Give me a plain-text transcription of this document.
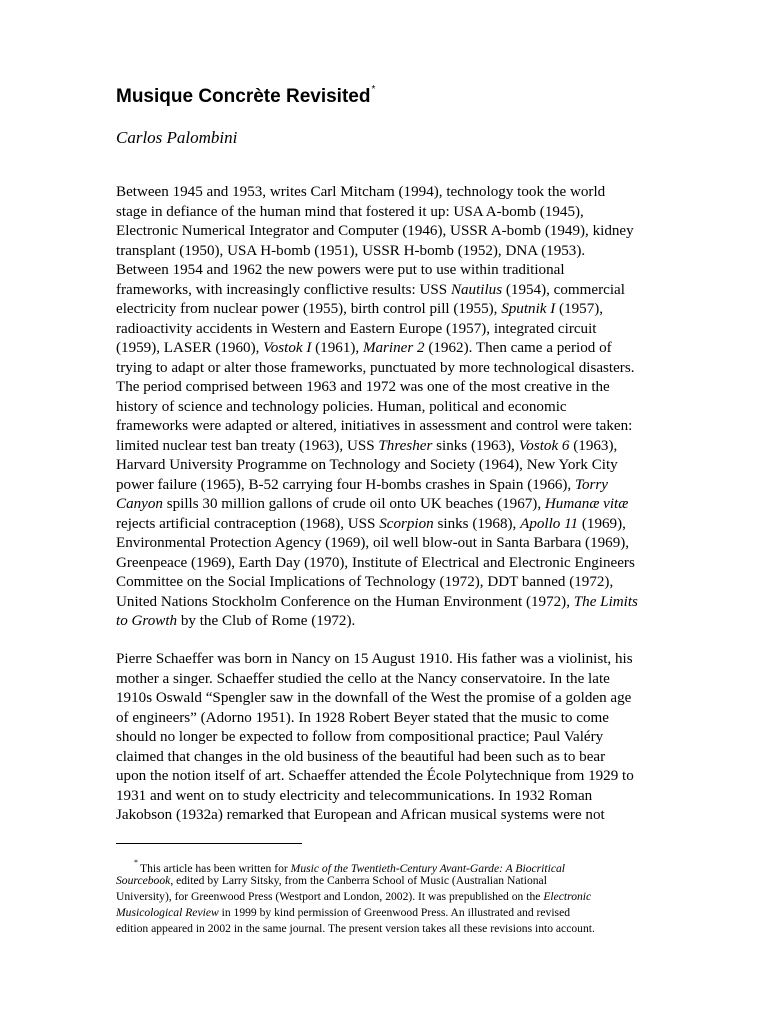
Musique Concrète Revisited*

Carlos Palombini

Between 1945 and 1953, writes Carl Mitcham (1994), technology took the world
stage in defiance of the human mind that fostered it up: USA A-bomb (1945),
Electronic Numerical Integrator and Computer (1946), USSR A-bomb (1949), kidney
transplant (1950), USA H-bomb (1951), USSR H-bomb (1952), DNA (1953).
Between 1954 and 1962 the new powers were put to use within traditional
frameworks, with increasingly conflictive results: USS Nautilus (1954), commercial
electricity from nuclear power (1955), birth control pill (1955), Sputnik I (1957),
radioactivity accidents in Western and Eastern Europe (1957), integrated circuit
(1959), LASER (1960), Vostok I (1961), Mariner 2 (1962). Then came a period of
trying to adapt or alter those frameworks, punctuated by more technological disasters.
The period comprised between 1963 and 1972 was one of the most creative in the
history of science and technology policies. Human, political and economic
frameworks were adapted or altered, initiatives in assessment and control were taken:
limited nuclear test ban treaty (1963), USS Thresher sinks (1963), Vostok 6 (1963),
Harvard University Programme on Technology and Society (1964), New York City
power failure (1965), B-52 carrying four H-bombs crashes in Spain (1966), Torry
Canyon spills 30 million gallons of crude oil onto UK beaches (1967), Humanæ vitæ
rejects artificial contraception (1968), USS Scorpion sinks (1968), Apollo 11 (1969),
Environmental Protection Agency (1969), oil well blow-out in Santa Barbara (1969),
Greenpeace (1969), Earth Day (1970), Institute of Electrical and Electronic Engineers
Committee on the Social Implications of Technology (1972), DDT banned (1972),
United Nations Stockholm Conference on the Human Environment (1972), The Limits
to Growth by the Club of Rome (1972).
Pierre Schaeffer was born in Nancy on 15 August 1910. His father was a violinist, his
mother a singer. Schaeffer studied the cello at the Nancy conservatoire. In the late
1910s Oswald “Spengler saw in the downfall of the West the promise of a golden age
of engineers” (Adorno 1951). In 1928 Robert Beyer stated that the music to come
should no longer be expected to follow from compositional practice; Paul Valéry
claimed that changes in the old business of the beautiful had been such as to bear
upon the notion itself of art. Schaeffer attended the École Polytechnique from 1929 to
1931 and went on to study electricity and telecommunications. In 1932 Roman
Jakobson (1932a) remarked that European and African musical systems were not
* This article has been written for Music of the Twentieth-Century Avant-Garde: A Biocritical
Sourcebook, edited by Larry Sitsky, from the Canberra School of Music (Australian National
University), for Greenwood Press (Westport and London, 2002). It was prepublished on the Electronic
Musicological Review in 1999 by kind permission of Greenwood Press. An illustrated and revised
edition appeared in 2002 in the same journal. The present version takes all these revisions into account.
